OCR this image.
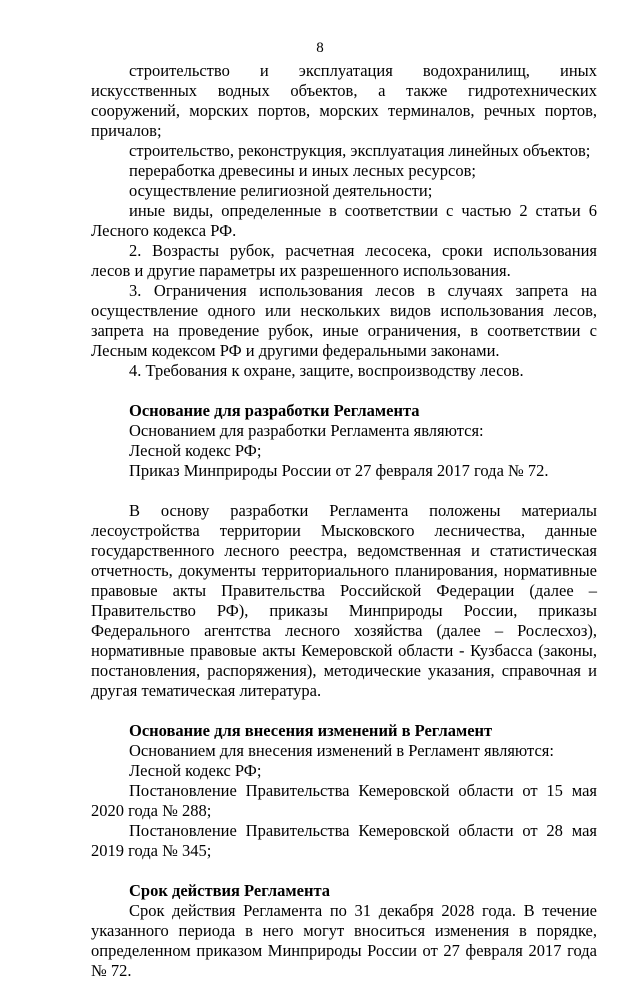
8

строительство и эксплуатация водохранилищ, иных искусственных водных объектов, а также гидротехнических сооружений, морских портов, морских терминалов, речных портов, причалов;

строительство, реконструкция, эксплуатация линейных объектов;

переработка древесины и иных лесных ресурсов;

осуществление религиозной деятельности;

иные виды, определенные в соответствии с частью 2 статьи 6 Лесного кодекса РФ.

2. Возрасты рубок, расчетная лесосека, сроки использования лесов и другие параметры их разрешенного использования.

3. Ограничения использования лесов в случаях запрета на осуществление одного или нескольких видов использования лесов, запрета на проведение рубок, иные ограничения, в соответствии с Лесным кодексом РФ и другими федеральными законами.

4. Требования к охране, защите, воспроизводству лесов.

Основание для разработки Регламента

Основанием для разработки Регламента являются:

Лесной кодекс РФ;

Приказ Минприроды России от 27 февраля 2017 года № 72.

В основу разработки Регламента положены материалы лесоустройства территории Мысковского лесничества, данные государственного лесного реестра, ведомственная и статистическая отчетность, документы территориального планирования, нормативные правовые акты Правительства Российской Федерации (далее – Правительство РФ), приказы Минприроды России, приказы Федерального агентства лесного хозяйства (далее – Рослесхоз), нормативные правовые акты Кемеровской области - Кузбасса (законы, постановления, распоряжения), методические указания, справочная и другая тематическая литература.

Основание для внесения изменений в Регламент

Основанием для внесения изменений в Регламент являются:

Лесной кодекс РФ;

Постановление Правительства Кемеровской области от 15 мая 2020 года № 288;

Постановление Правительства Кемеровской области от 28 мая 2019 года № 345;

Срок действия Регламента

Срок действия Регламента по 31 декабря 2028 года. В течение указанного периода в него могут вноситься изменения в порядке, определенном приказом Минприроды России от 27 февраля 2017 года № 72.
